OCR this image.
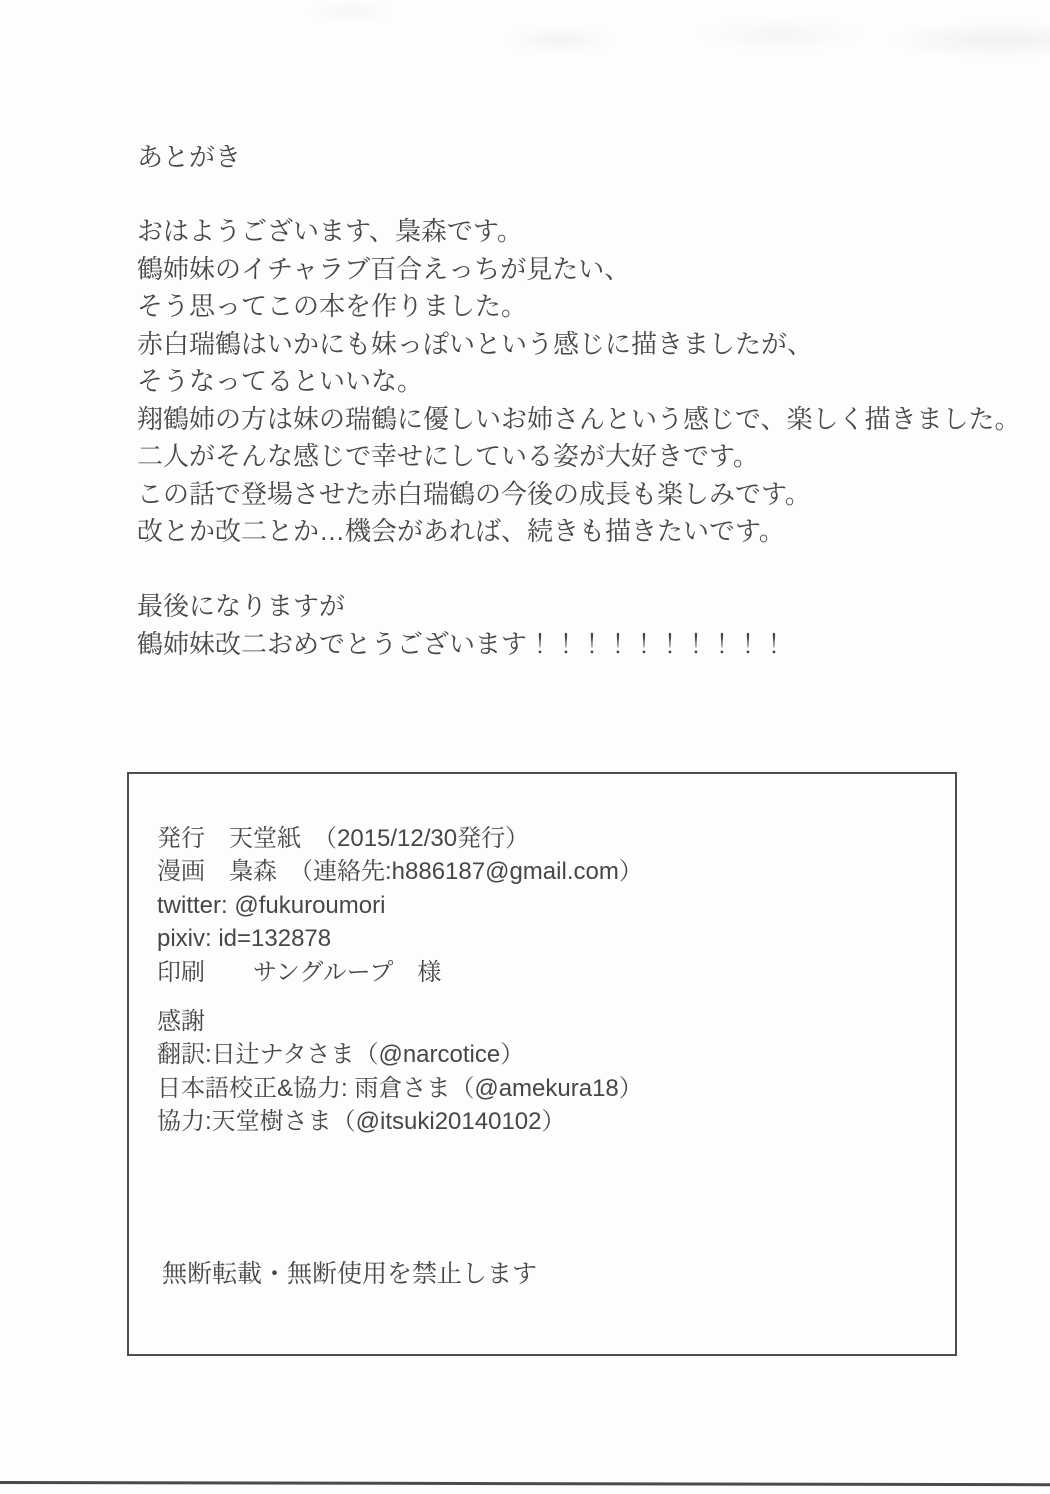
あとがき
おはようございます、梟森です。
鶴姉妹のイチャラブ百合えっちが見たい、
そう思ってこの本を作りました。
赤白瑞鶴はいかにも妹っぽいという感じに描きましたが、
そうなってるといいな。
翔鶴姉の方は妹の瑞鶴に優しいお姉さんという感じで、楽しく描きました。
二人がそんな感じで幸せにしている姿が大好きです。
この話で登場させた赤白瑞鶴の今後の成長も楽しみです。
改とか改二とか…機会があれば、続きも描きたいです。
最後になりますが
鶴姉妹改二おめでとうございます！！！！！！！！！！
発行　天堂紙　（2015/12/30発行）
漫画　梟森　（連絡先:h886187@gmail.com）
twitter: @fukuroumori
pixiv: id=132878
印刷　　サングループ　様
感謝
翻訳:日辻ナタさま（@narcotice）
日本語校正&協力: 雨倉さま（@amekura18）
協力:天堂樹さま（@itsuki20140102）
無断転載・無断使用を禁止します
